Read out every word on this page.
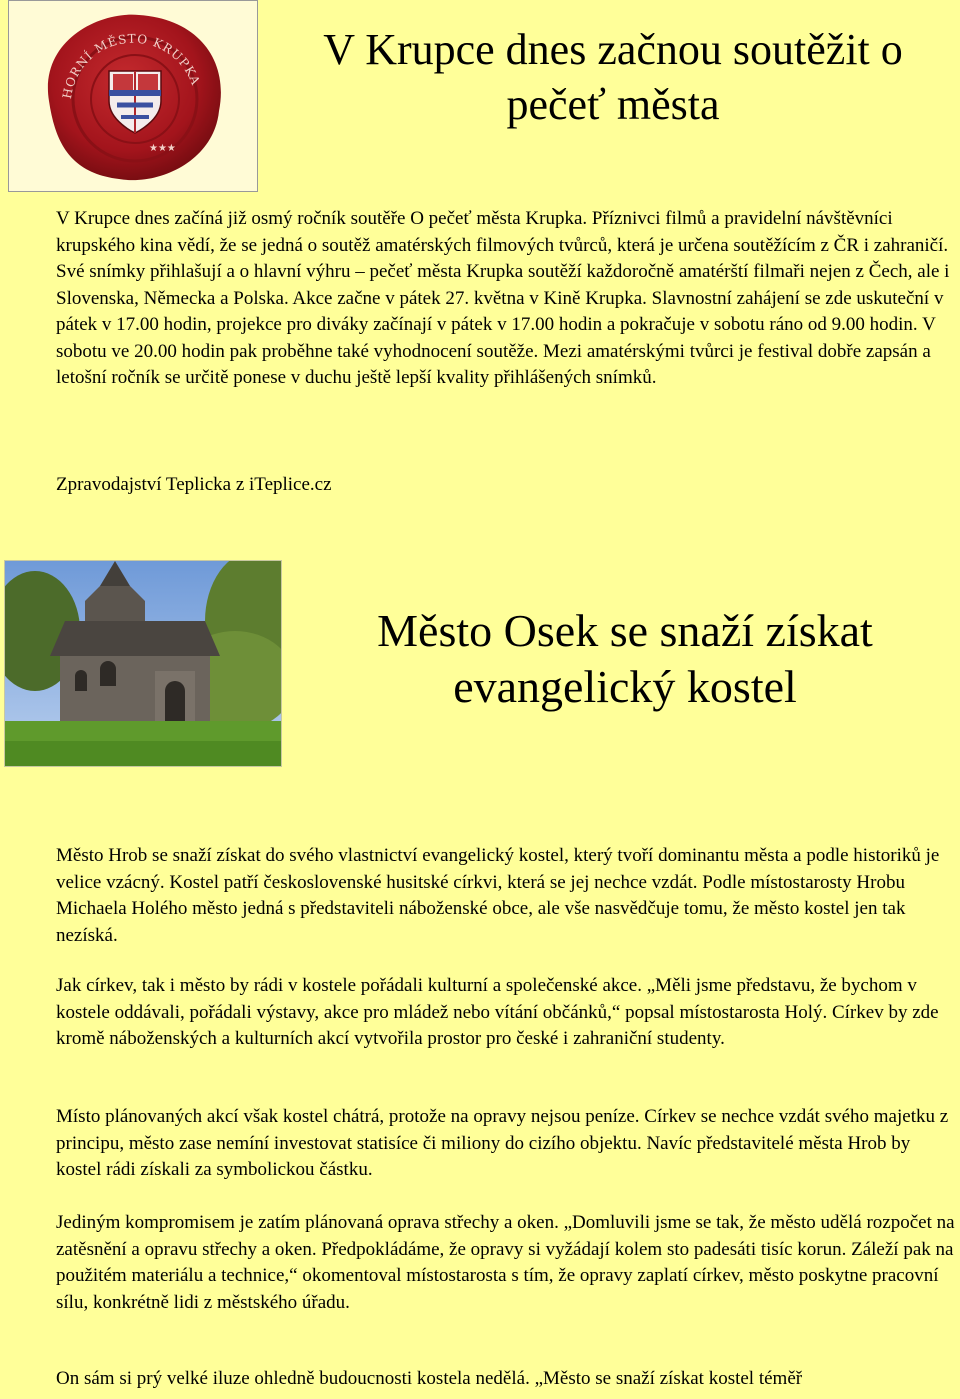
HORNÍ MĚSTO KRUPKA
★★★
V Krupce dnes začnou soutěžit o pečeť města

V Krupce dnes začíná již osmý ročník soutěře O pečeť města Krupka. Příznivci filmů a pravidelní návštěvníci krupského kina vědí, že se jedná o soutěž amatérských filmových tvůrců, která je určena soutěžícím z ČR i zahraničí. Své snímky přihlašují a o hlavní výhru – pečeť města Krupka soutěží každoročně amatérští filmaři nejen z Čech, ale i Slovenska, Německa a Polska. Akce začne v pátek 27. května v Kině Krupka. Slavnostní zahájení se zde uskuteční v pátek v 17.00 hodin, projekce pro diváky začínají v pátek v 17.00 hodin a pokračuje v sobotu ráno od 9.00 hodin. V sobotu ve 20.00 hodin pak proběhne také vyhodnocení soutěže. Mezi amatérskými tvůrci je festival dobře zapsán a letošní ročník se určitě ponese v duchu ještě lepší kvality přihlášených snímků.

Zpravodajství Teplicka z iTeplice.cz

Město Osek se snaží získat evangelický kostel

Město Hrob se snaží získat do svého vlastnictví evangelický kostel, který tvoří dominantu města a podle historiků je velice vzácný. Kostel patří československé husitské církvi, která se jej nechce vzdát. Podle místostarosty Hrobu Michaela Holého město jedná s představiteli náboženské obce, ale vše nasvědčuje tomu, že město kostel jen tak nezíská.

Jak církev, tak i město by rádi v kostele pořádali kulturní a společenské akce. „Měli jsme představu, že bychom v kostele oddávali, pořádali výstavy, akce pro mládež nebo vítání občánků,“ popsal místostarosta Holý. Církev by zde kromě náboženských a kulturních akcí vytvořila prostor pro české i zahraniční studenty.

Místo plánovaných akcí však kostel chátrá, protože na opravy nejsou peníze. Církev se nechce vzdát svého majetku z principu, město zase nemíní investovat statisíce či miliony do cizího objektu. Navíc představitelé města Hrob by kostel rádi získali za symbolickou částku.

Jediným kompromisem je zatím plánovaná oprava střechy a oken. „Domluvili jsme se tak, že město udělá rozpočet na zatěsnění a opravu střechy a oken. Předpokládáme, že opravy si vyžádají kolem sto padesáti tisíc korun. Záleží pak na použitém materiálu a technice,“ okomentoval místostarosta s tím, že opravy zaplatí církev, město poskytne pracovní sílu, konkrétně lidi z městského úřadu.

On sám si prý velké iluze ohledně budoucnosti kostela nedělá. „Město se snaží získat kostel téměř
